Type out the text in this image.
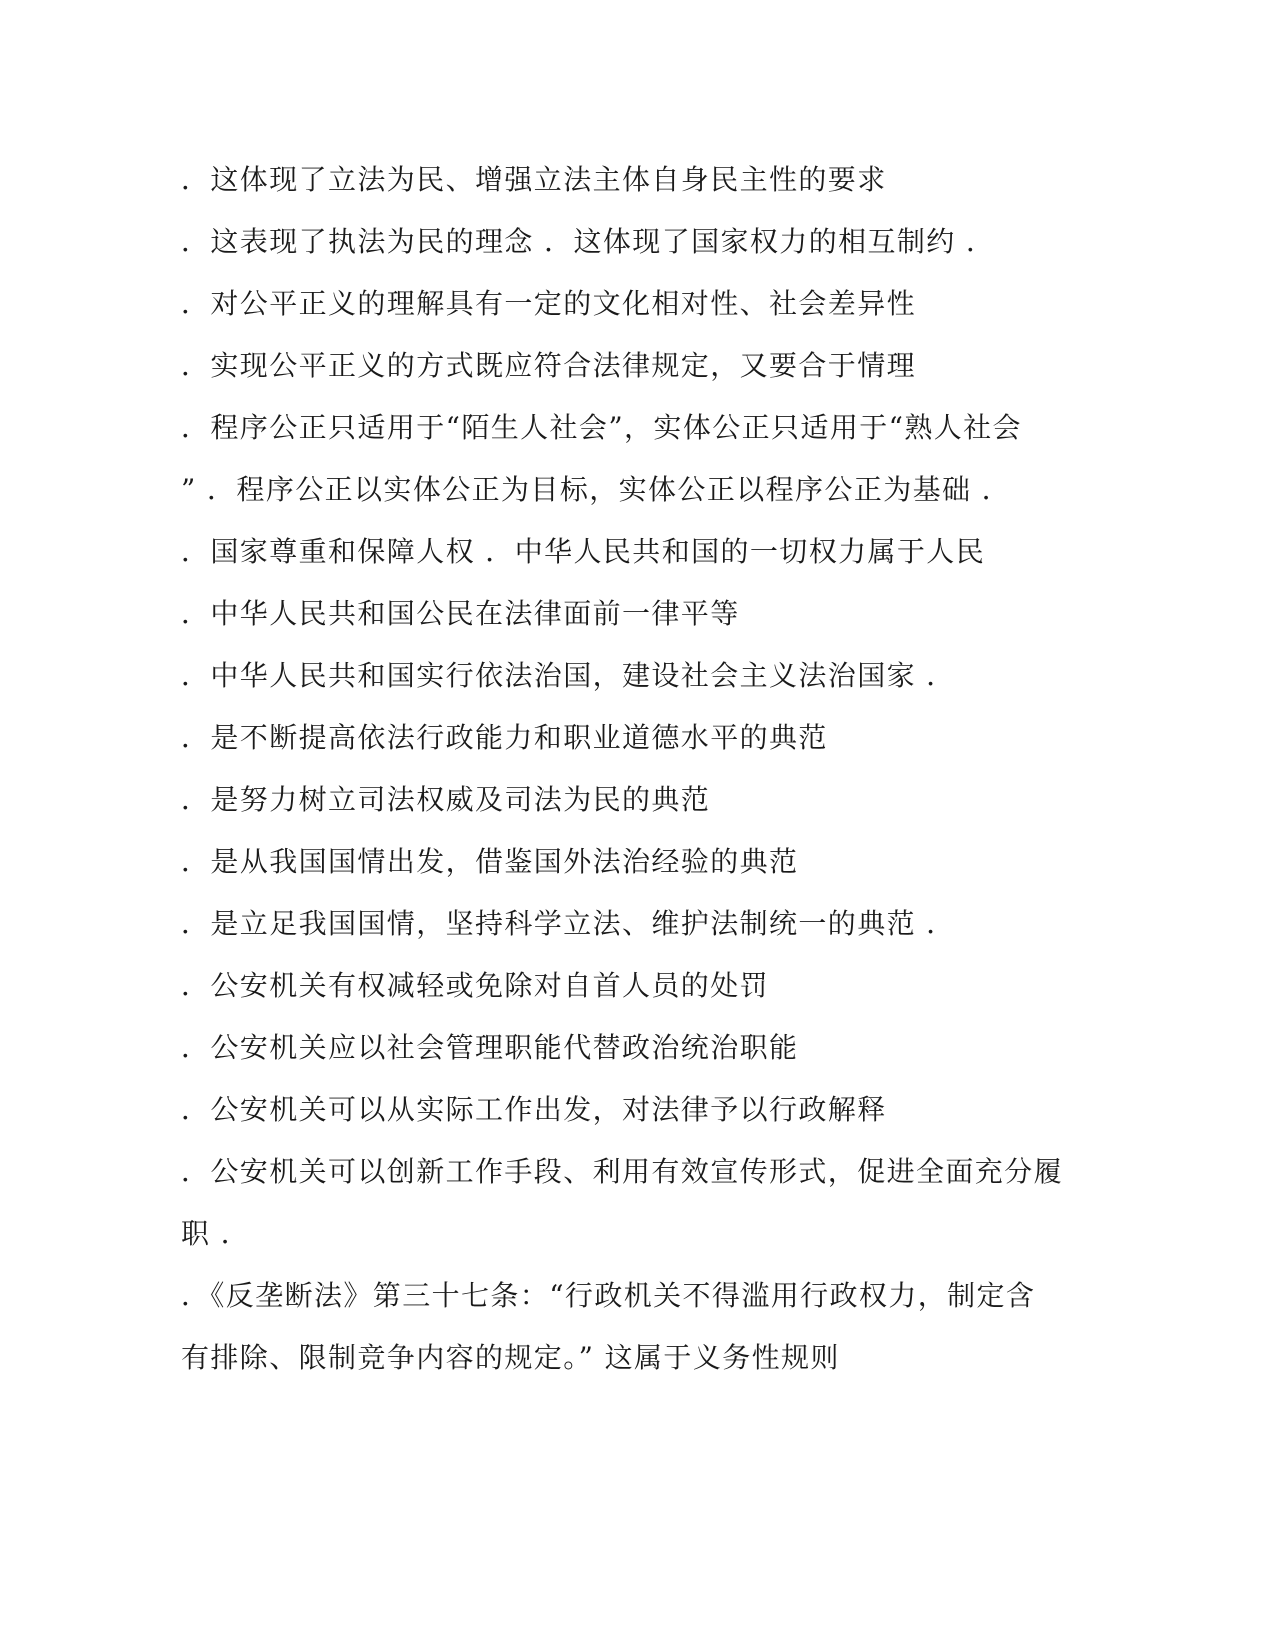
．这体现了立法为民、增强立法主体自身民主性的要求
．这表现了执法为民的理念 ．这体现了国家权力的相互制约 ．
．对公平正义的理解具有一定的文化相对性、社会差异性
．实现公平正义的方式既应符合法律规定，又要合于情理
．程序公正只适用于“陌生人社会”，实体公正只适用于“熟人社会
” ．程序公正以实体公正为目标，实体公正以程序公正为基础 ．
．国家尊重和保障人权 ．中华人民共和国的一切权力属于人民
．中华人民共和国公民在法律面前一律平等
．中华人民共和国实行依法治国，建设社会主义法治国家 ．
．是不断提高依法行政能力和职业道德水平的典范
．是努力树立司法权威及司法为民的典范
．是从我国国情出发，借鉴国外法治经验的典范
．是立足我国国情，坚持科学立法、维护法制统一的典范 ．
．公安机关有权减轻或免除对自首人员的处罚
．公安机关应以社会管理职能代替政治统治职能
．公安机关可以从实际工作出发，对法律予以行政解释
．公安机关可以创新工作手段、利用有效宣传形式，促进全面充分履
职 ．
．《反垄断法》第三十七条：“行政机关不得滥用行政权力，制定含
有排除、限制竞争内容的规定。” 这属于义务性规则
